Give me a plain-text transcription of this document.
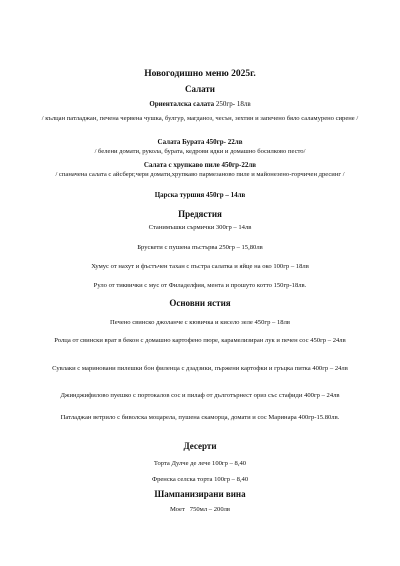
Новогодишно меню 2025г.
Салати
Ориенталска салата 250гр- 18лв
/ кълцан патладжан, печена червена чушка, булгур, магданоз, чесън, зехтин и запечено бяло саламурено сирене /
Салата Бурата 450гр- 22лв
/ белени домати, рукола, бурата, кедрови ядки и домашно босилково песто/
Салата с хрупкаво пиле 450гр-22лв
/ спаначена салата с айсберг,чери домати,хрупкаво пармезаново пиле и майонезено-горчичен дресинг /
Царска туршия 450гр – 14лв
Предястия
Станимъшки сърмички 300гр – 14лв
Брускети с пушена пъстърва 250гр – 15,80лв
Хумус от нахут и фъстъчен тахан с пъстра салатка и яйце на око 100гр – 18лв
Руло от тиквички с мус от Филаделфия, мента и прошуто котто 150гр-18лв.
Основни ястия
Печено свинско джоланче с кювичка и кисело зеле 450гр – 18лв
Ролца от свински врат в бекон с домашно картофено пюре, карамелизиран лук и печен сос 450гр – 24лв
Сувлаки с мариновани пилешки бон филенца с дзадзики, пържени картофки и гръцка питка 400гр – 24лв
Джинджифилово пуешко с портокалов сос и пилаф от дълготърнест ориз със стафиди 400гр – 24лв
Патладжан ветрило с биволска моцарела, пушена скаморца, домати и сос Маринара 400гр-15.80лв.
Десерти
Торта Дулче де лече 100гр – 8,40
Френска селска торта 100гр – 8,40
Шампанизирани вина
Моет   750мл – 200лв
